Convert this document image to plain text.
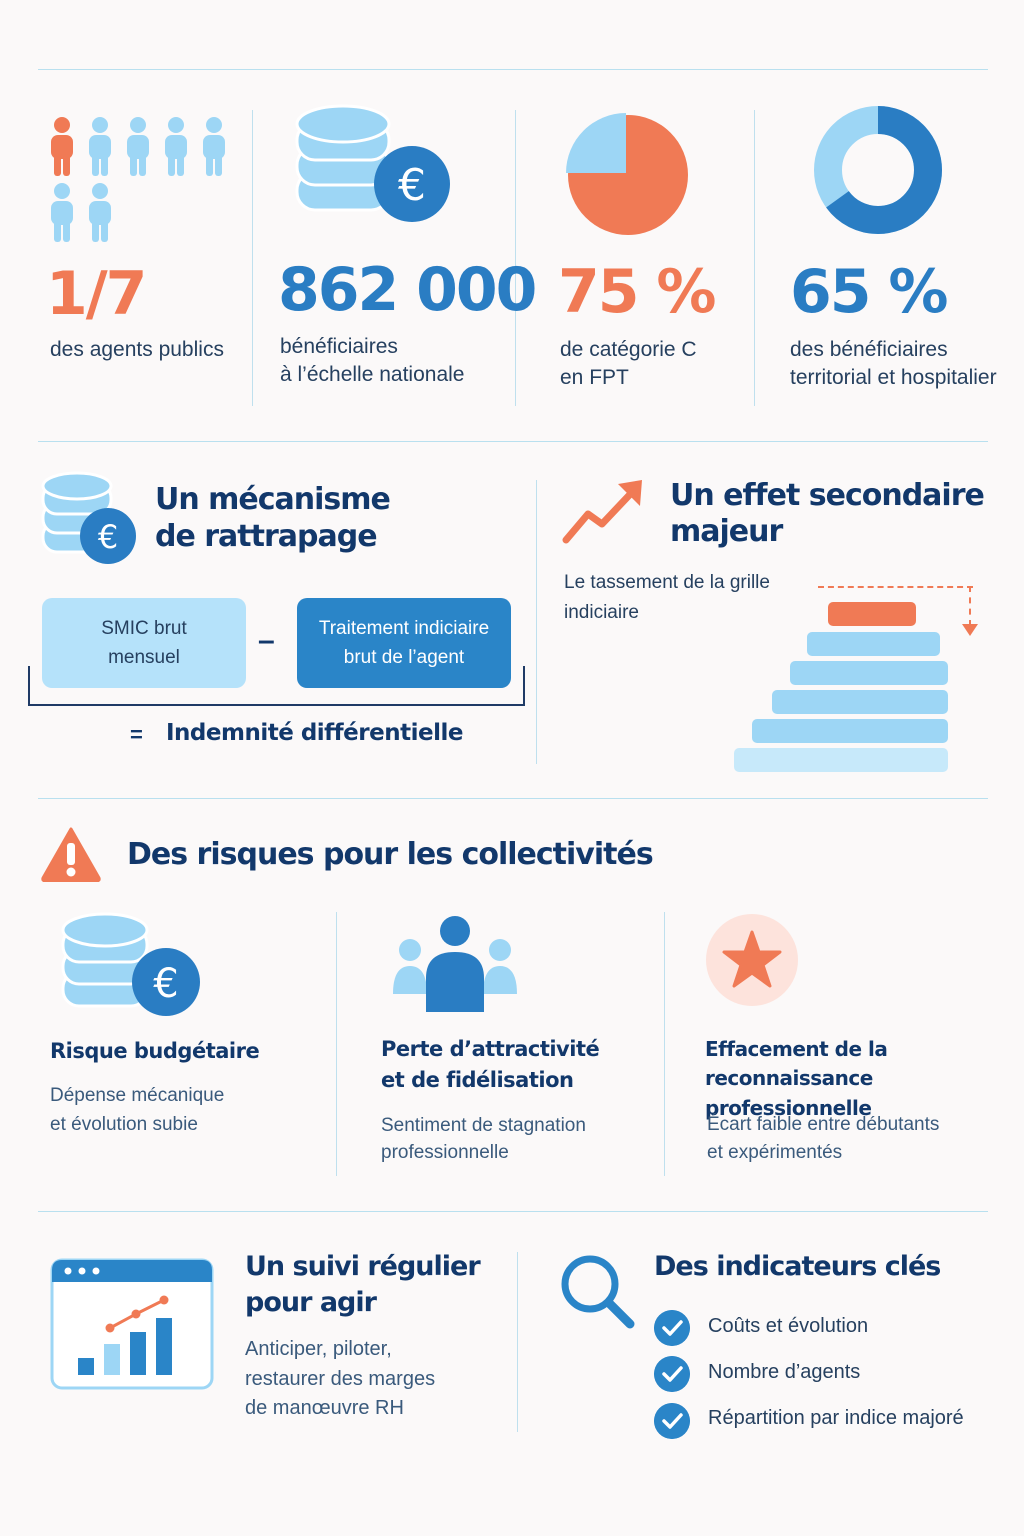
1/7
des agents publics
€
862 000
bénéficiaires
à l’échelle nationale
75 %
de catégorie C
en FPT
65 %
des bénéficiaires
territorial et hospitalier
€
Un mécanisme
de rattrapage
SMIC brut
mensuel
– Traitement indiciaire
brut de l’agent
= Indemnité différentielle
Un effet secondaire
majeur
Le tassement de la grille
indiciaire
Des risques pour les collectivités
€
Risque budgétaire
Dépense mécanique
et évolution subie
Perte d’attractivité
et de fidélisation
Sentiment de stagnation
professionnelle
Effacement de la
reconnaissance professionnelle
Écart faible entre débutants
et expérimentés
Un suivi régulier
pour agir
Anticiper, piloter,
restaurer des marges
de manœuvre RH
Des indicateurs clés
Coûts et évolution
Nombre d’agents
Répartition par indice majoré
